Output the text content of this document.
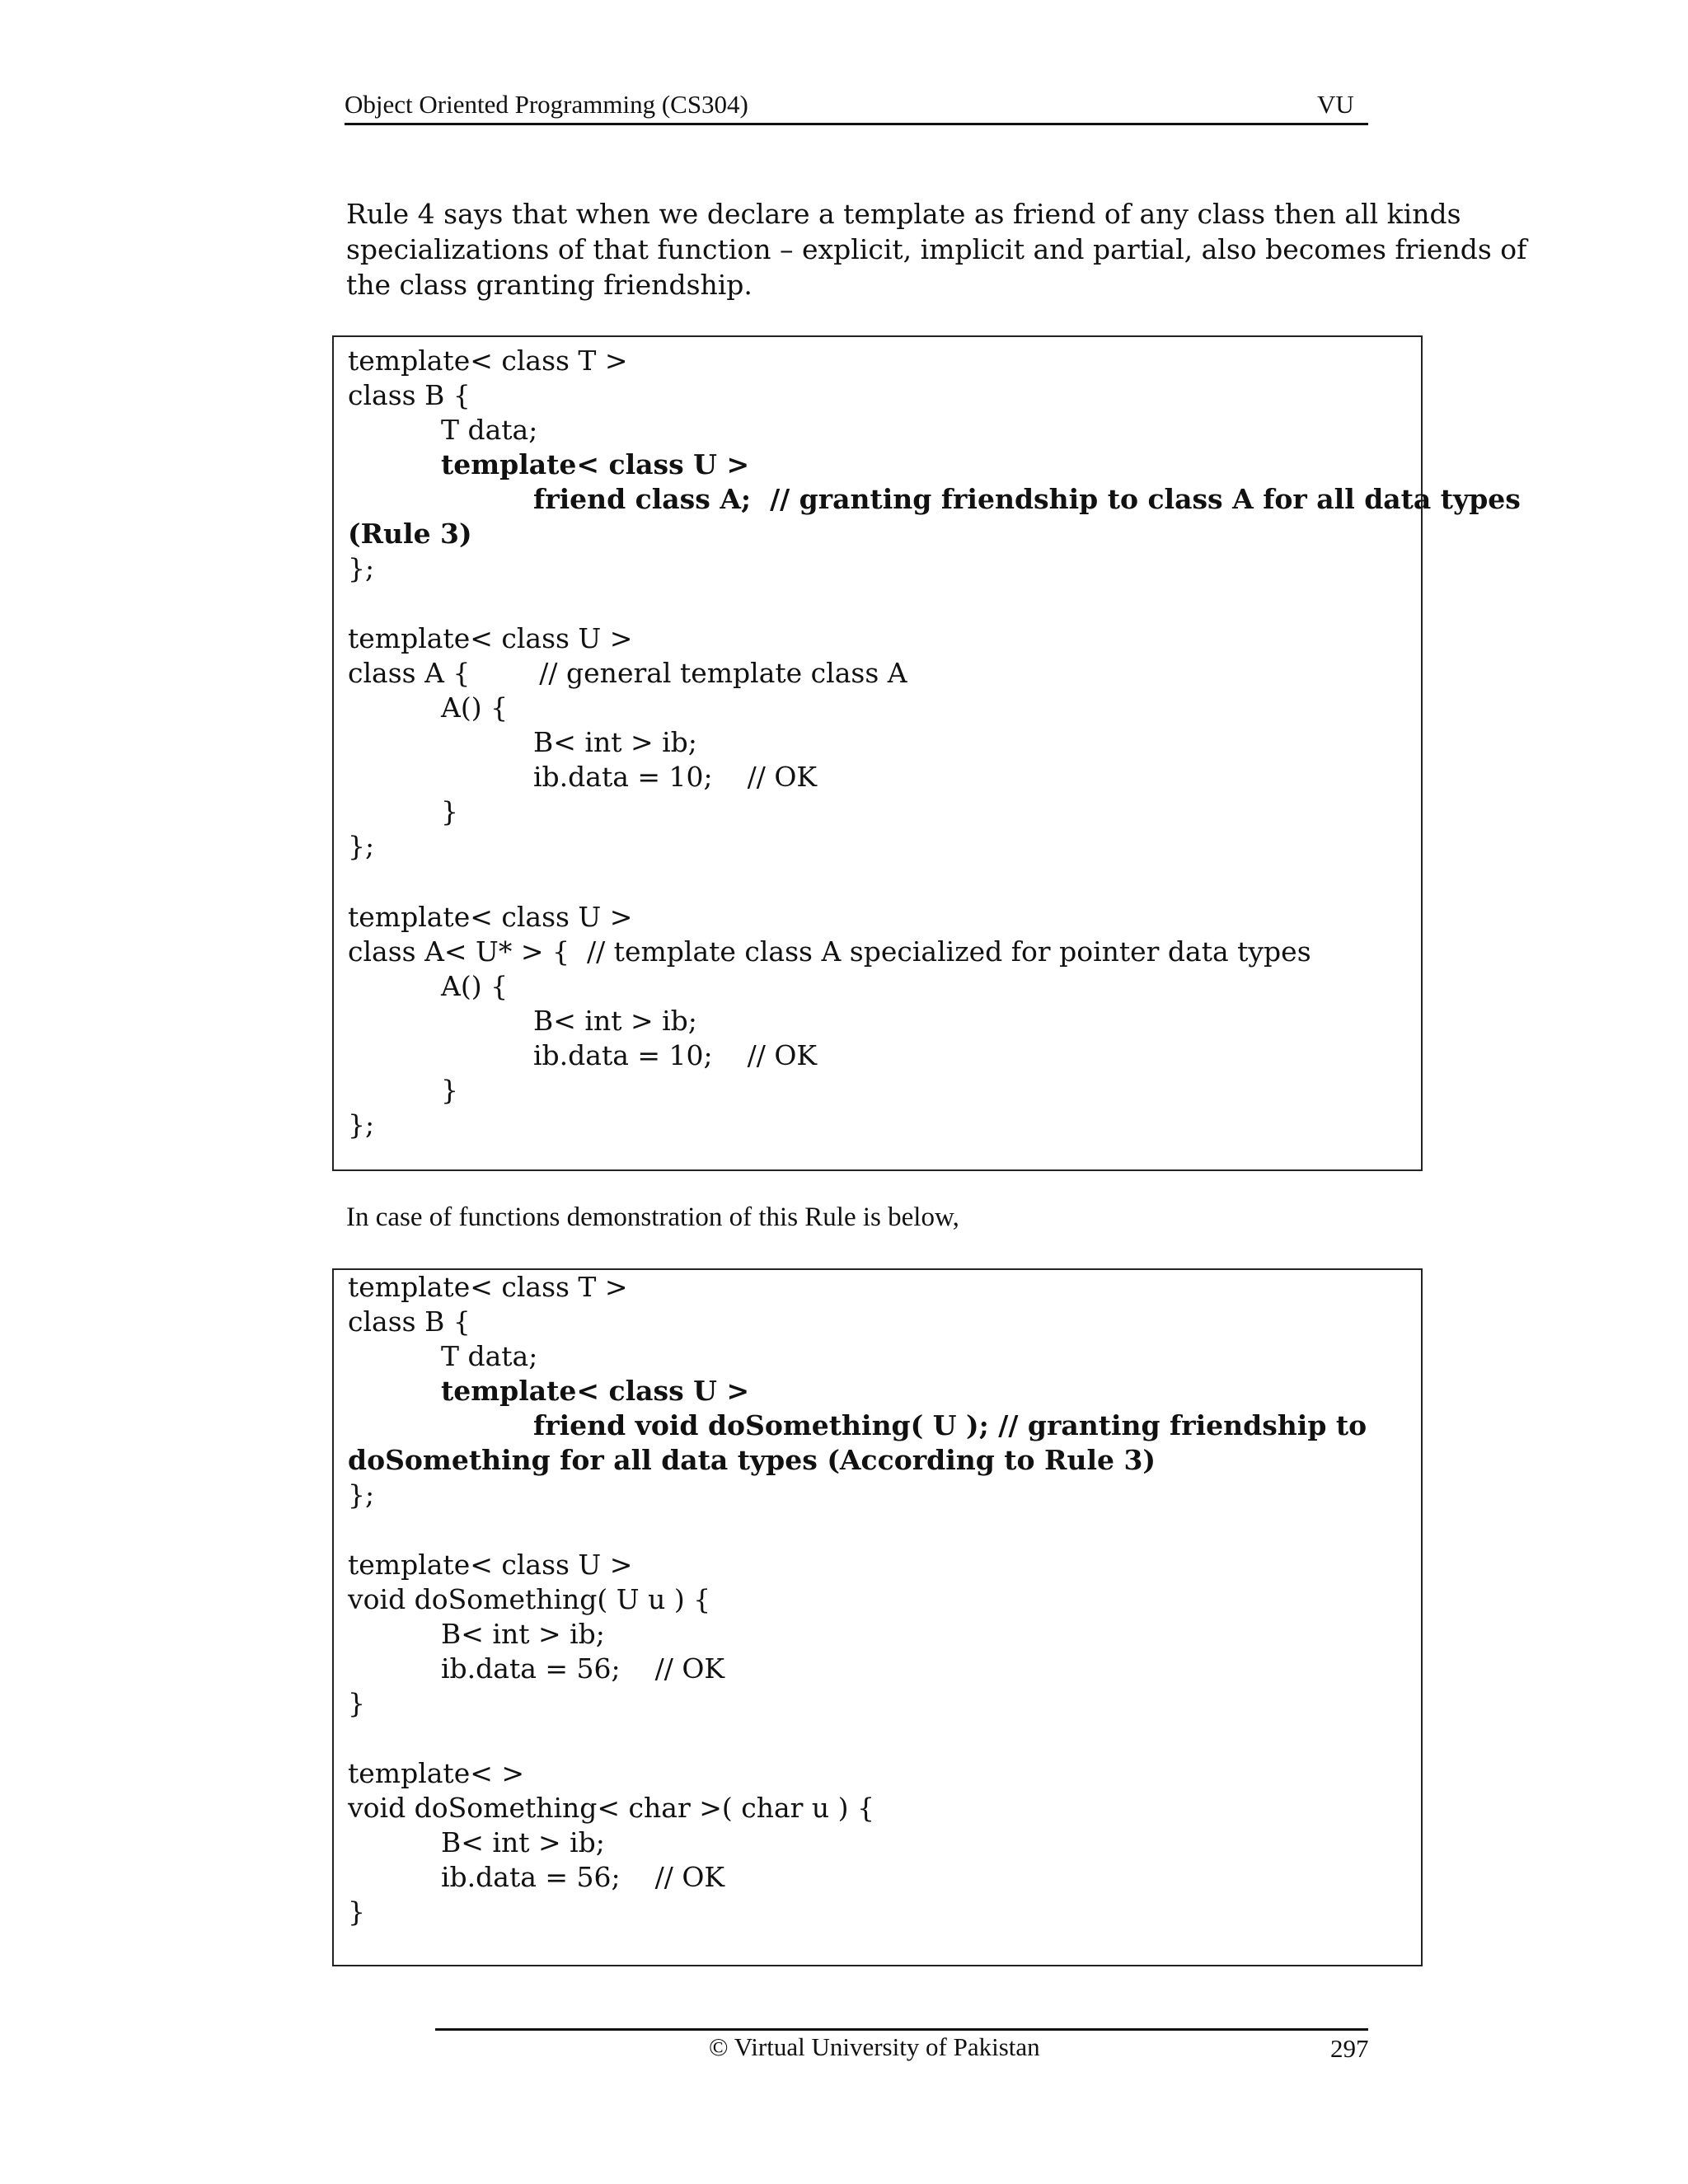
Object Oriented Programming (CS304)	VU
Rule 4 says that when we declare a template as friend of any class then all kinds
specializations of that function – explicit, implicit and partial, also becomes friends of
the class granting friendship.
template< class T >
class B {
T data;
template< class U >
friend class A;  // granting friendship to class A for all data types
(Rule 3)
};
template< class U >
class A {        // general template class A
A() {
B< int > ib;
ib.data = 10;    // OK
}
};
template< class U >
class A< U* > {  // template class A specialized for pointer data types
A() {
B< int > ib;
ib.data = 10;    // OK
}
};
In case of functions demonstration of this Rule is below,
template< class T >
class B {
T data;
template< class U >
friend void doSomething( U ); // granting friendship to
doSomething for all data types (According to Rule 3)
};
template< class U >
void doSomething( U u ) {
B< int > ib;
ib.data = 56;    // OK
}
template< >
void doSomething< char >( char u ) {
B< int > ib;
ib.data = 56;    // OK
}
© Virtual University of Pakistan	297
